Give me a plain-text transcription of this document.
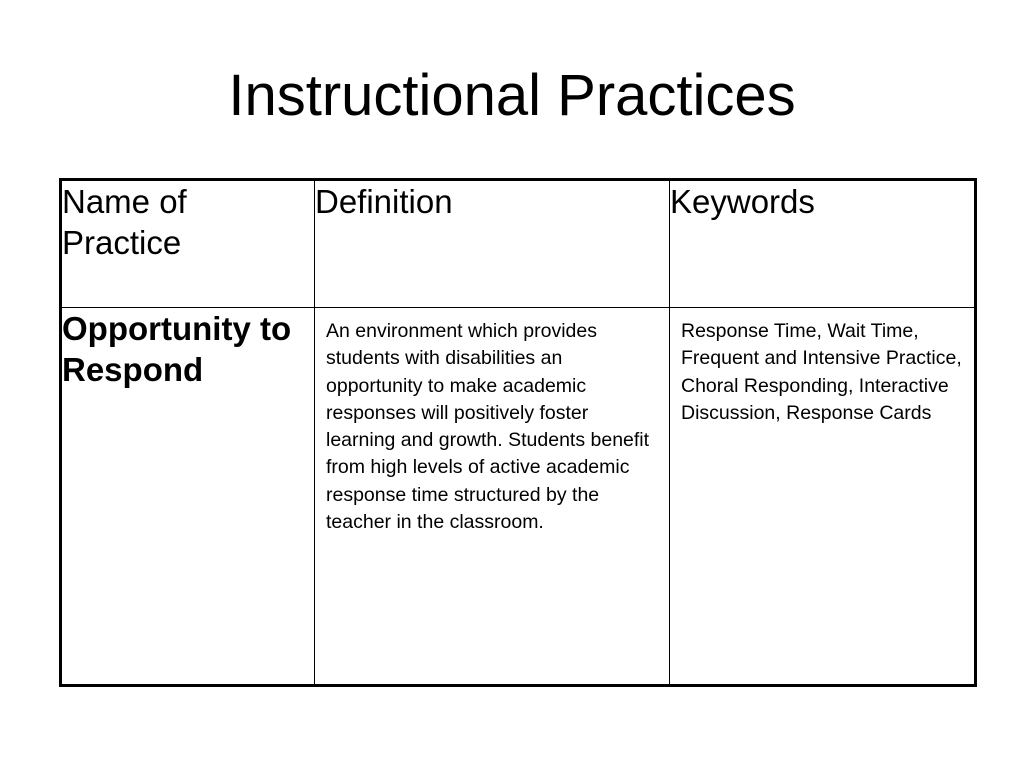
Instructional Practices
Name of Practice	Definition	Keywords
Opportunity to Respond	An environment which provides students with disabilities an opportunity to make academic responses will positively foster learning and growth. Students benefit from high levels of active academic response time structured by the teacher in the classroom.	Response Time, Wait Time, Frequent and Intensive Practice, Choral Responding, Interactive Discussion, Response Cards
